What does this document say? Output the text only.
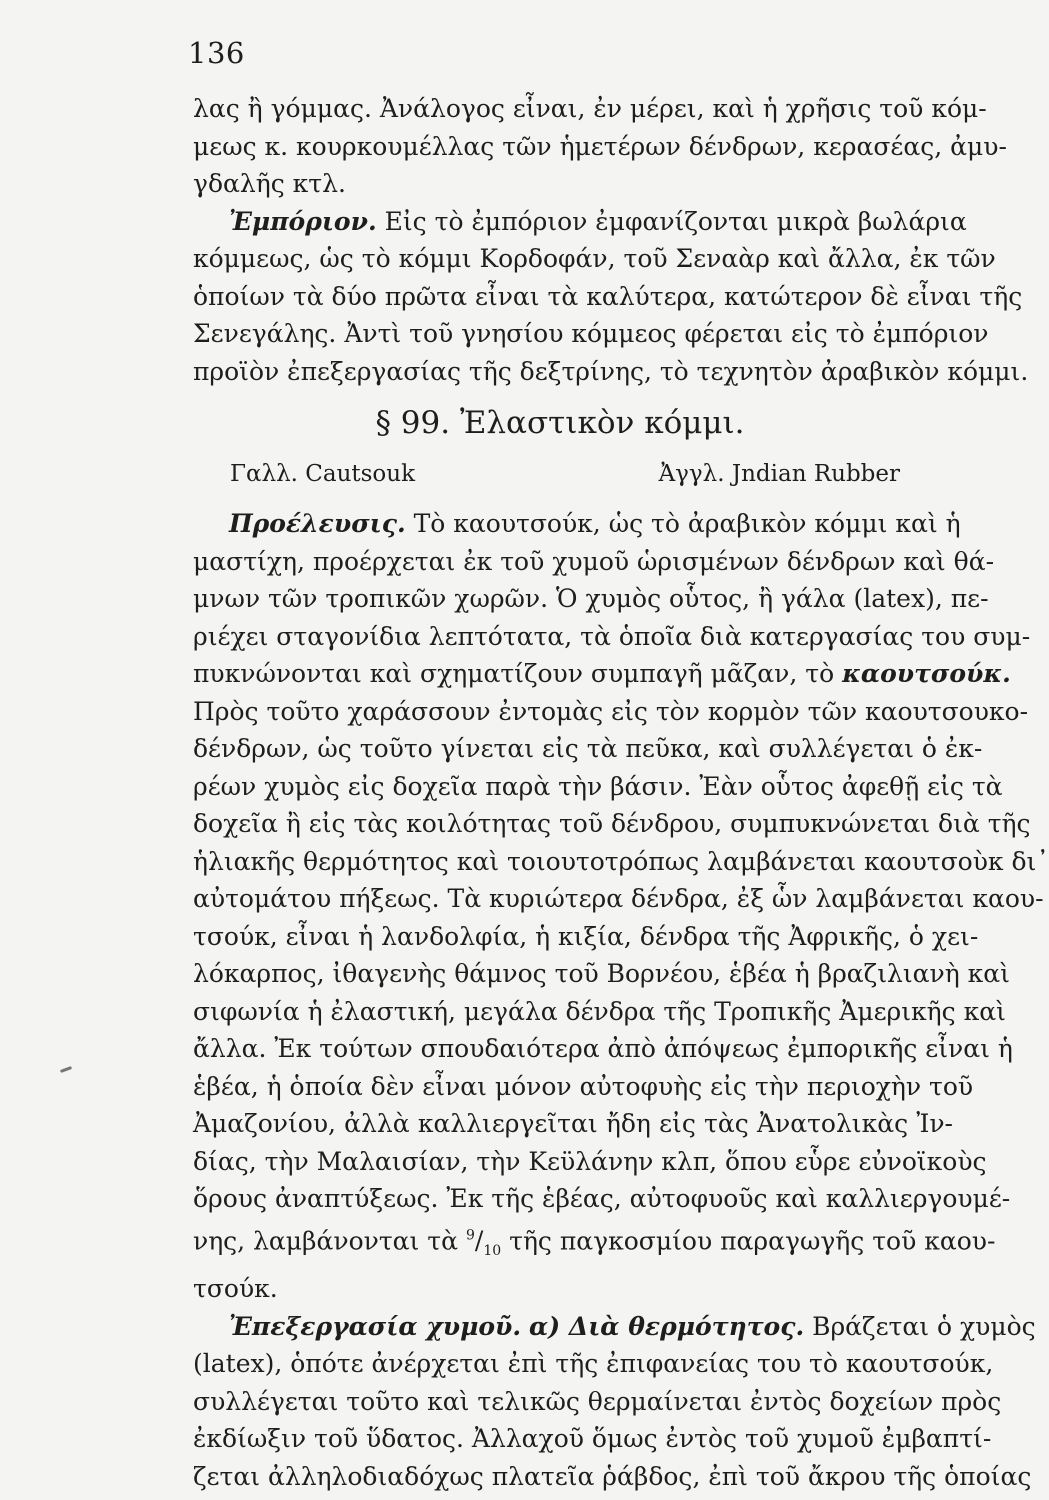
136
λας ἢ γόμμας. Ἀνάλογος εἶναι, ἐν μέρει, καὶ ἡ χρῆσις τοῦ κόμ-
μεως κ. κουρκουμέλλας τῶν ἡμετέρων δένδρων, κερασέας, ἀμυ-
γδαλῆς κτλ.
Ἐμπόριον. Εἰς τὸ ἐμπόριον ἐμφανίζονται μικρὰ βωλάρια
κόμμεως, ὡς τὸ κόμμι Κορδοφάν, τοῦ Σεναὰρ καὶ ἄλλα, ἐκ τῶν
ὁποίων τὰ δύο πρῶτα εἶναι τὰ καλύτερα, κατώτερον δὲ εἶναι τῆς
Σενεγάλης. Ἀντὶ τοῦ γνησίου κόμμεος φέρεται εἰς τὸ ἐμπόριον
προϊὸν ἐπεξεργασίας τῆς δεξτρίνης, τὸ τεχνητὸν ἀραβικὸν κόμμι.
§ 99. Ἐλαστικὸν κόμμι.
Γαλλ. Cautsouk	Ἀγγλ. Jndian Rubber
Προέλευσις. Τὸ καουτσούκ, ὡς τὸ ἀραβικὸν κόμμι καὶ ἡ
μαστίχη, προέρχεται ἐκ τοῦ χυμοῦ ὡρισμένων δένδρων καὶ θά-
μνων τῶν τροπικῶν χωρῶν. Ὁ χυμὸς οὗτος, ἢ γάλα (latex), πε-
ριέχει σταγονίδια λεπτότατα, τὰ ὁποῖα διὰ κατεργασίας του συμ-
πυκνώνονται καὶ σχηματίζουν συμπαγῆ μᾶζαν, τὸ καουτσούκ.
Πρὸς τοῦτο χαράσσουν ἐντομὰς εἰς τὸν κορμὸν τῶν καουτσουκο-
δένδρων, ὡς τοῦτο γίνεται εἰς τὰ πεῦκα, καὶ συλλέγεται ὁ ἐκ-
ρέων χυμὸς εἰς δοχεῖα παρὰ τὴν βάσιν. Ἐὰν οὗτος ἀφεθῇ εἰς τὰ
δοχεῖα ἢ εἰς τὰς κοιλότητας τοῦ δένδρου, συμπυκνώνεται διὰ τῆς
ἡλιακῆς θερμότητος καὶ τοιουτοτρόπως λαμβάνεται καουτσοὺκ δι᾽
αὐτομάτου πήξεως. Τὰ κυριώτερα δένδρα, ἐξ ὧν λαμβάνεται καου-
τσούκ, εἶναι ἡ λανδολφία, ἡ κιξία, δένδρα τῆς Ἀφρικῆς, ὁ χει-
λόκαρπος, ἰθαγενὴς θάμνος τοῦ Βορνέου, ἑβέα ἡ βραζιλιανὴ καὶ
σιφωνία ἡ ἐλαστική, μεγάλα δένδρα τῆς Τροπικῆς Ἀμερικῆς καὶ
ἄλλα. Ἐκ τούτων σπουδαιότερα ἀπὸ ἀπόψεως ἐμπορικῆς εἶναι ἡ
ἑβέα, ἡ ὁποία δὲν εἶναι μόνον αὐτοφυὴς εἰς τὴν περιοχὴν τοῦ
Ἀμαζονίου, ἀλλὰ καλλιεργεῖται ἤδη εἰς τὰς Ἀνατολικὰς Ἰν-
δίας, τὴν Μαλαισίαν, τὴν Κεϋλάνην κλπ, ὅπου εὗρε εὐνοϊκοὺς
ὅρους ἀναπτύξεως. Ἐκ τῆς ἑβέας, αὐτοφυοῦς καὶ καλλιεργουμέ-
νης, λαμβάνονται τὰ $^9/_{10}$ τῆς παγκοσμίου παραγωγῆς τοῦ καου-
τσούκ.
Ἐπεξεργασία χυμοῦ. α) Διὰ θερμότητος. Βράζεται ὁ χυμὸς
(latex), ὁπότε ἀνέρχεται ἐπὶ τῆς ἐπιφανείας του τὸ καουτσούκ,
συλλέγεται τοῦτο καὶ τελικῶς θερμαίνεται ἐντὸς δοχείων πρὸς
ἐκδίωξιν τοῦ ὕδατος. Ἀλλαχοῦ ὅμως ἐντὸς τοῦ χυμοῦ ἐμβαπτί-
ζεται ἀλληλοδιαδόχως πλατεῖα ῥάβδος, ἐπὶ τοῦ ἄκρου τῆς ὁποίας
